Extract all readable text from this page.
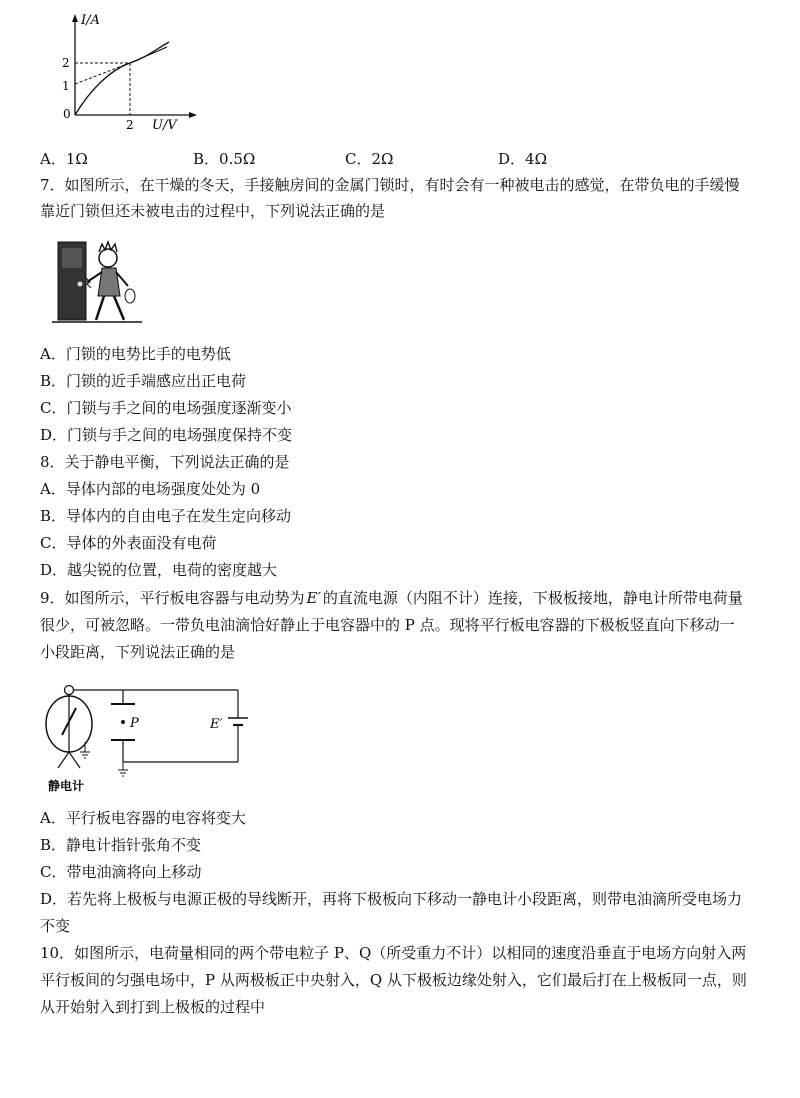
I/A
2
1
0
2 U/V
A．1Ω	B．0.5Ω	C．2Ω	D．4Ω
7．如图所示，在干燥的冬天，手接触房间的金属门锁时，有时会有一种被电击的感觉，在带负电的手缓慢
靠近门锁但还未被电击的过程中，下列说法正确的是
A．门锁的电势比手的电势低
B．门锁的近手端感应出正电荷
C．门锁与手之间的电场强度逐渐变小
D．门锁与手之间的电场强度保持不变
8．关于静电平衡，下列说法正确的是
A．导体内部的电场强度处处为 0
B．导体内的自由电子在发生定向移动
C．导体的外表面没有电荷
D．越尖锐的位置，电荷的密度越大
9．如图所示，平行板电容器与电动势为 E′ 的直流电源（内阻不计）连接，下极板接地，静电计所带电荷量
很少，可被忽略。一带负电油滴恰好静止于电容器中的 P 点。现将平行板电容器的下极板竖直向下移动一
小段距离，下列说法正确的是
P	E′
静电计
A．平行板电容器的电容将变大
B．静电计指针张角不变
C．带电油滴将向上移动
D．若先将上极板与电源正极的导线断开，再将下极板向下移动一静电计小段距离，则带电油滴所受电场力
不变
10．如图所示，电荷量相同的两个带电粒子 P、Q（所受重力不计）以相同的速度沿垂直于电场方向射入两
平行板间的匀强电场中，P 从两极板正中央射入，Q 从下极板边缘处射入，它们最后打在上极板同一点，则
从开始射入到打到上极板的过程中
